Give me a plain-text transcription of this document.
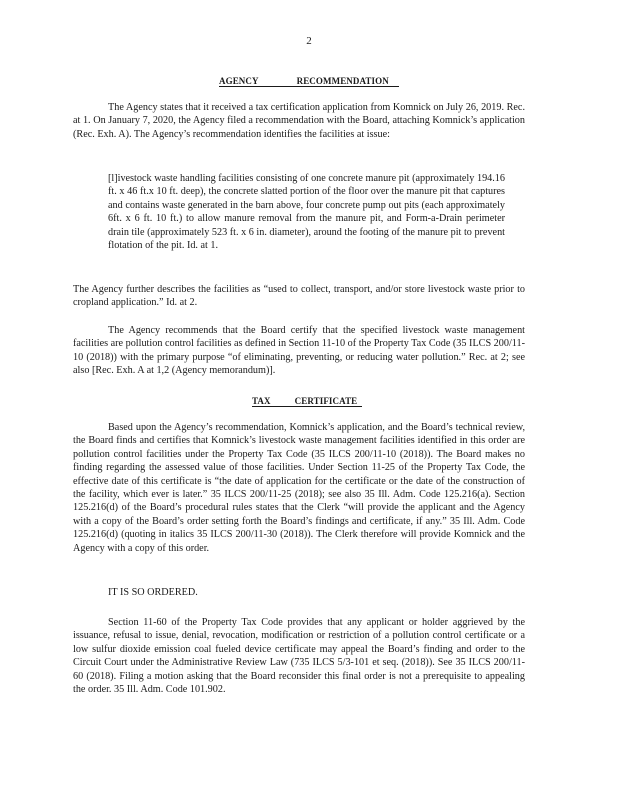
2
AGENCY	RECOMMENDATION

The Agency states that it received a tax certification application from Komnick on July 26, 2019. Rec. at 1. On January 7, 2020, the Agency filed a recommendation with the Board, attaching Komnick’s application (Rec. Exh. A). The Agency’s recommendation identifies the facilities at issue:

[l]ivestock waste handling facilities consisting of one concrete manure pit (approximately 194.16 ft. x 46 ft.x 10 ft. deep), the concrete slatted portion of the floor over the manure pit that captures and contains waste generated in the barn above, four concrete pump out pits (each approximately 6ft. x 6 ft. 10 ft.) to allow manure removal from the manure pit, and Form-a-Drain perimeter drain tile (approximately 523 ft. x 6 in. diameter), around the footing of the manure pit to prevent flotation of the pit. Id. at 1.

The Agency further describes the facilities as “used to collect, transport, and/or store livestock waste prior to cropland application.” Id. at 2.

The Agency recommends that the Board certify that the specified livestock waste management facilities are pollution control facilities as defined in Section 11-10 of the Property Tax Code (35 ILCS 200/11-10 (2018)) with the primary purpose “of eliminating, preventing, or reducing water pollution.” Rec. at 2; see also [Rec. Exh. A at 1,2 (Agency memorandum)].

TAX	CERTIFICATE

Based upon the Agency’s recommendation, Komnick’s application, and the Board’s technical review, the Board finds and certifies that Komnick’s livestock waste management facilities identified in this order are pollution control facilities under the Property Tax Code (35 ILCS 200/11-10 (2018)). The Board makes no finding regarding the assessed value of those facilities. Under Section 11-25 of the Property Tax Code, the effective date of this certificate is “the date of application for the certificate or the date of the construction of the facility, which ever is later.” 35 ILCS 200/11-25 (2018); see also 35 Ill. Adm. Code 125.216(a). Section 125.216(d) of the Board’s procedural rules states that the Clerk “will provide the applicant and the Agency with a copy of the Board’s order setting forth the Board’s findings and certificate, if any.” 35 Ill. Adm. Code 125.216(d) (quoting in italics 35 ILCS 200/11-30 (2018)). The Clerk therefore will provide Komnick and the Agency with a copy of this order.

IT IS SO ORDERED.

Section 11-60 of the Property Tax Code provides that any applicant or holder aggrieved by the issuance, refusal to issue, denial, revocation, modification or restriction of a pollution control certificate or a low sulfur dioxide emission coal fueled device certificate may appeal the Board’s finding and order to the Circuit Court under the Administrative Review Law (735 ILCS 5/3-101 et seq. (2018)). See 35 ILCS 200/11-60 (2018). Filing a motion asking that the Board reconsider this final order is not a prerequisite to appealing the order. 35 Ill. Adm. Code 101.902.
